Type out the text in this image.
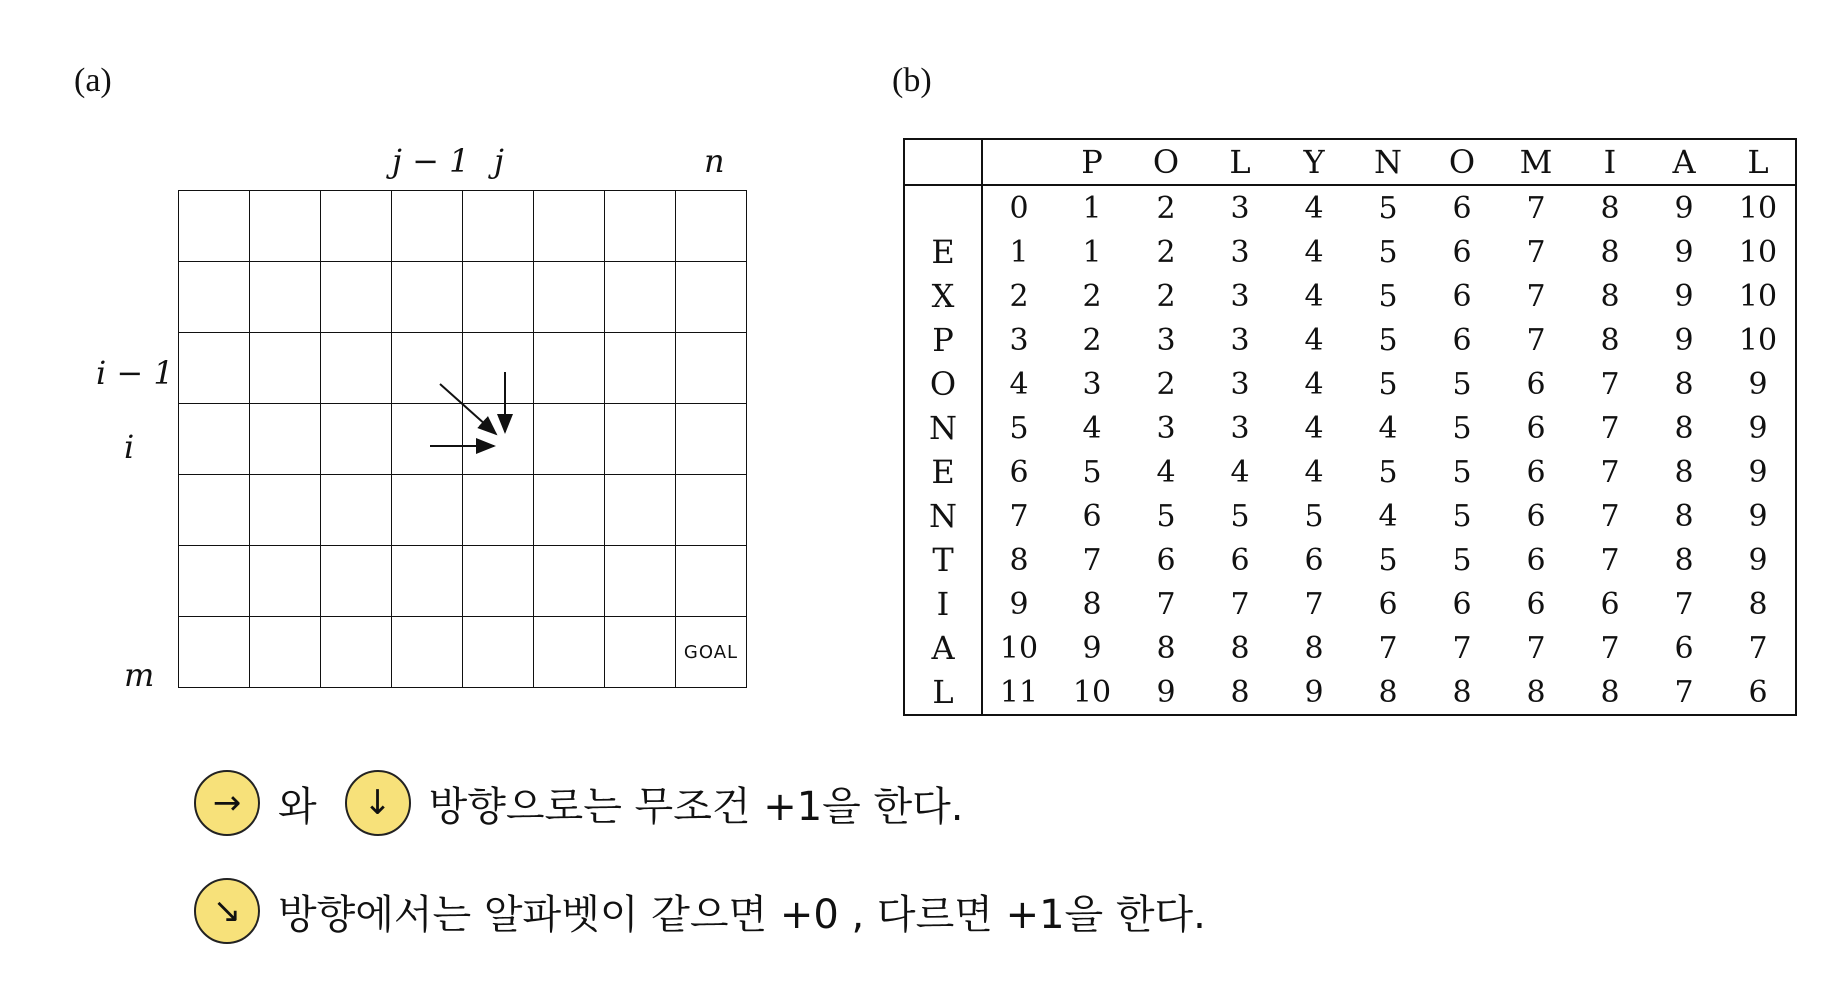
(a)	(b)
j − 1 j	n
i − 1
i
m

							GOAL
		P	O	L	Y	N	O	M	I	A	L
	0	1	2	3	4	5	6	7	8	9	10
E	1	1	2	3	4	5	6	7	8	9	10
X	2	2	2	3	4	5	6	7	8	9	10
P	3	2	3	3	4	5	6	7	8	9	10
O	4	3	2	3	4	5	5	6	7	8	9
N	5	4	3	3	4	4	5	6	7	8	9
E	6	5	4	4	4	5	5	6	7	8	9
N	7	6	5	5	5	4	5	6	7	8	9
T	8	7	6	6	6	5	5	6	7	8	9
I	9	8	7	7	7	6	6	6	6	7	8
A	10	9	8	8	8	7	7	7	7	6	7
L	11	10	9	8	9	8	8	8	8	7	6
→ 와	↓ 방향으로는 무조건 +1을 한다.
↘ 방향에서는 알파벳이 같으면 +0 , 다르면 +1을 한다.
